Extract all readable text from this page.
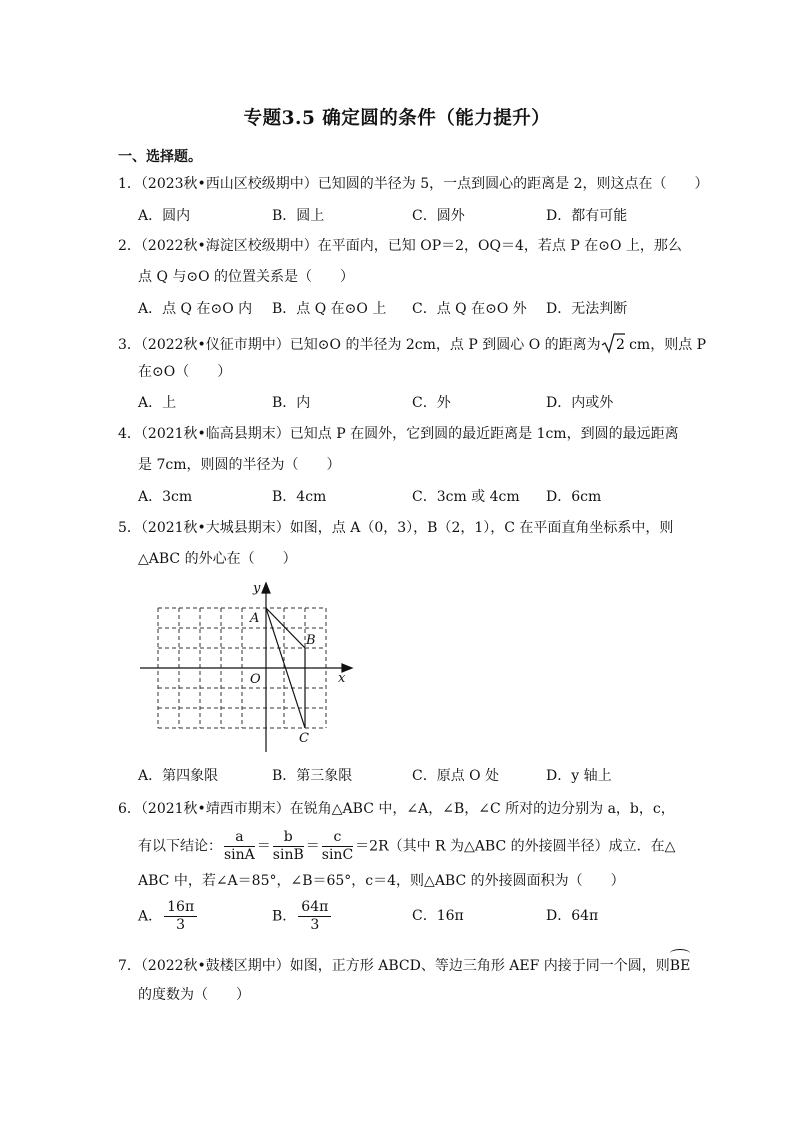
专题3.5 确定圆的条件（能力提升）
一、选择题。
1．（2023秋•西山区校级期中）已知圆的半径为 5，一点到圆心的距离是 2，则这点在（　　）
A．圆内	B．圆上	C．圆外	D．都有可能
2．（2022秋•海淀区校级期中）在平面内，已知 OP＝2，OQ＝4，若点 P 在⊙O 上，那么
点 Q 与⊙O 的位置关系是（　　）
A．点 Q 在⊙O 内 B．点 Q 在⊙O 上 C．点 Q 在⊙O 外 D．无法判断
3．（2022秋•仪征市期中）已知⊙O 的半径为 2cm，点 P 到圆心 O 的距离为 2 cm，则点 P
在⊙O（　　）
A．上	B．内	C．外	D．内或外
4．（2021秋•临高县期末）已知点 P 在圆外，它到圆的最近距离是 1cm，到圆的最远距离
是 7cm，则圆的半径为（　　）
A．3cm	B．4cm	C．3cm 或 4cm D．6cm
5．（2021秋•大城县期末）如图，点 A（0，3），B（2，1），C 在平面直角坐标系中，则
△ABC 的外心在（　　）
y
x
O
A
B
C
A．第四象限	B．第三象限	C．原点 O 处	D．y 轴上
6．（2021秋•靖西市期末）在锐角△ABC 中，∠A，∠B，∠C 所对的边分别为 a，b，c，
有以下结论： $\frac{a}{\sin A} = \frac{b}{\sin B} = \frac{c}{\sin C} =2R$（其中 R 为△ABC 的外接圆半径）成立．在△
ABC 中，若∠A＝85°，∠B＝65°，c＝4，则△ABC 的外接圆面积为（　　）
A． $\frac{16\pi}{3}$	B． $\frac{64\pi}{3}$	C．16π	D．64π
7．（2022秋•鼓楼区期中）如图，正方形 ABCD、等边三角形 AEF 内接于同一个圆，则
BE
的度数为（　　）
